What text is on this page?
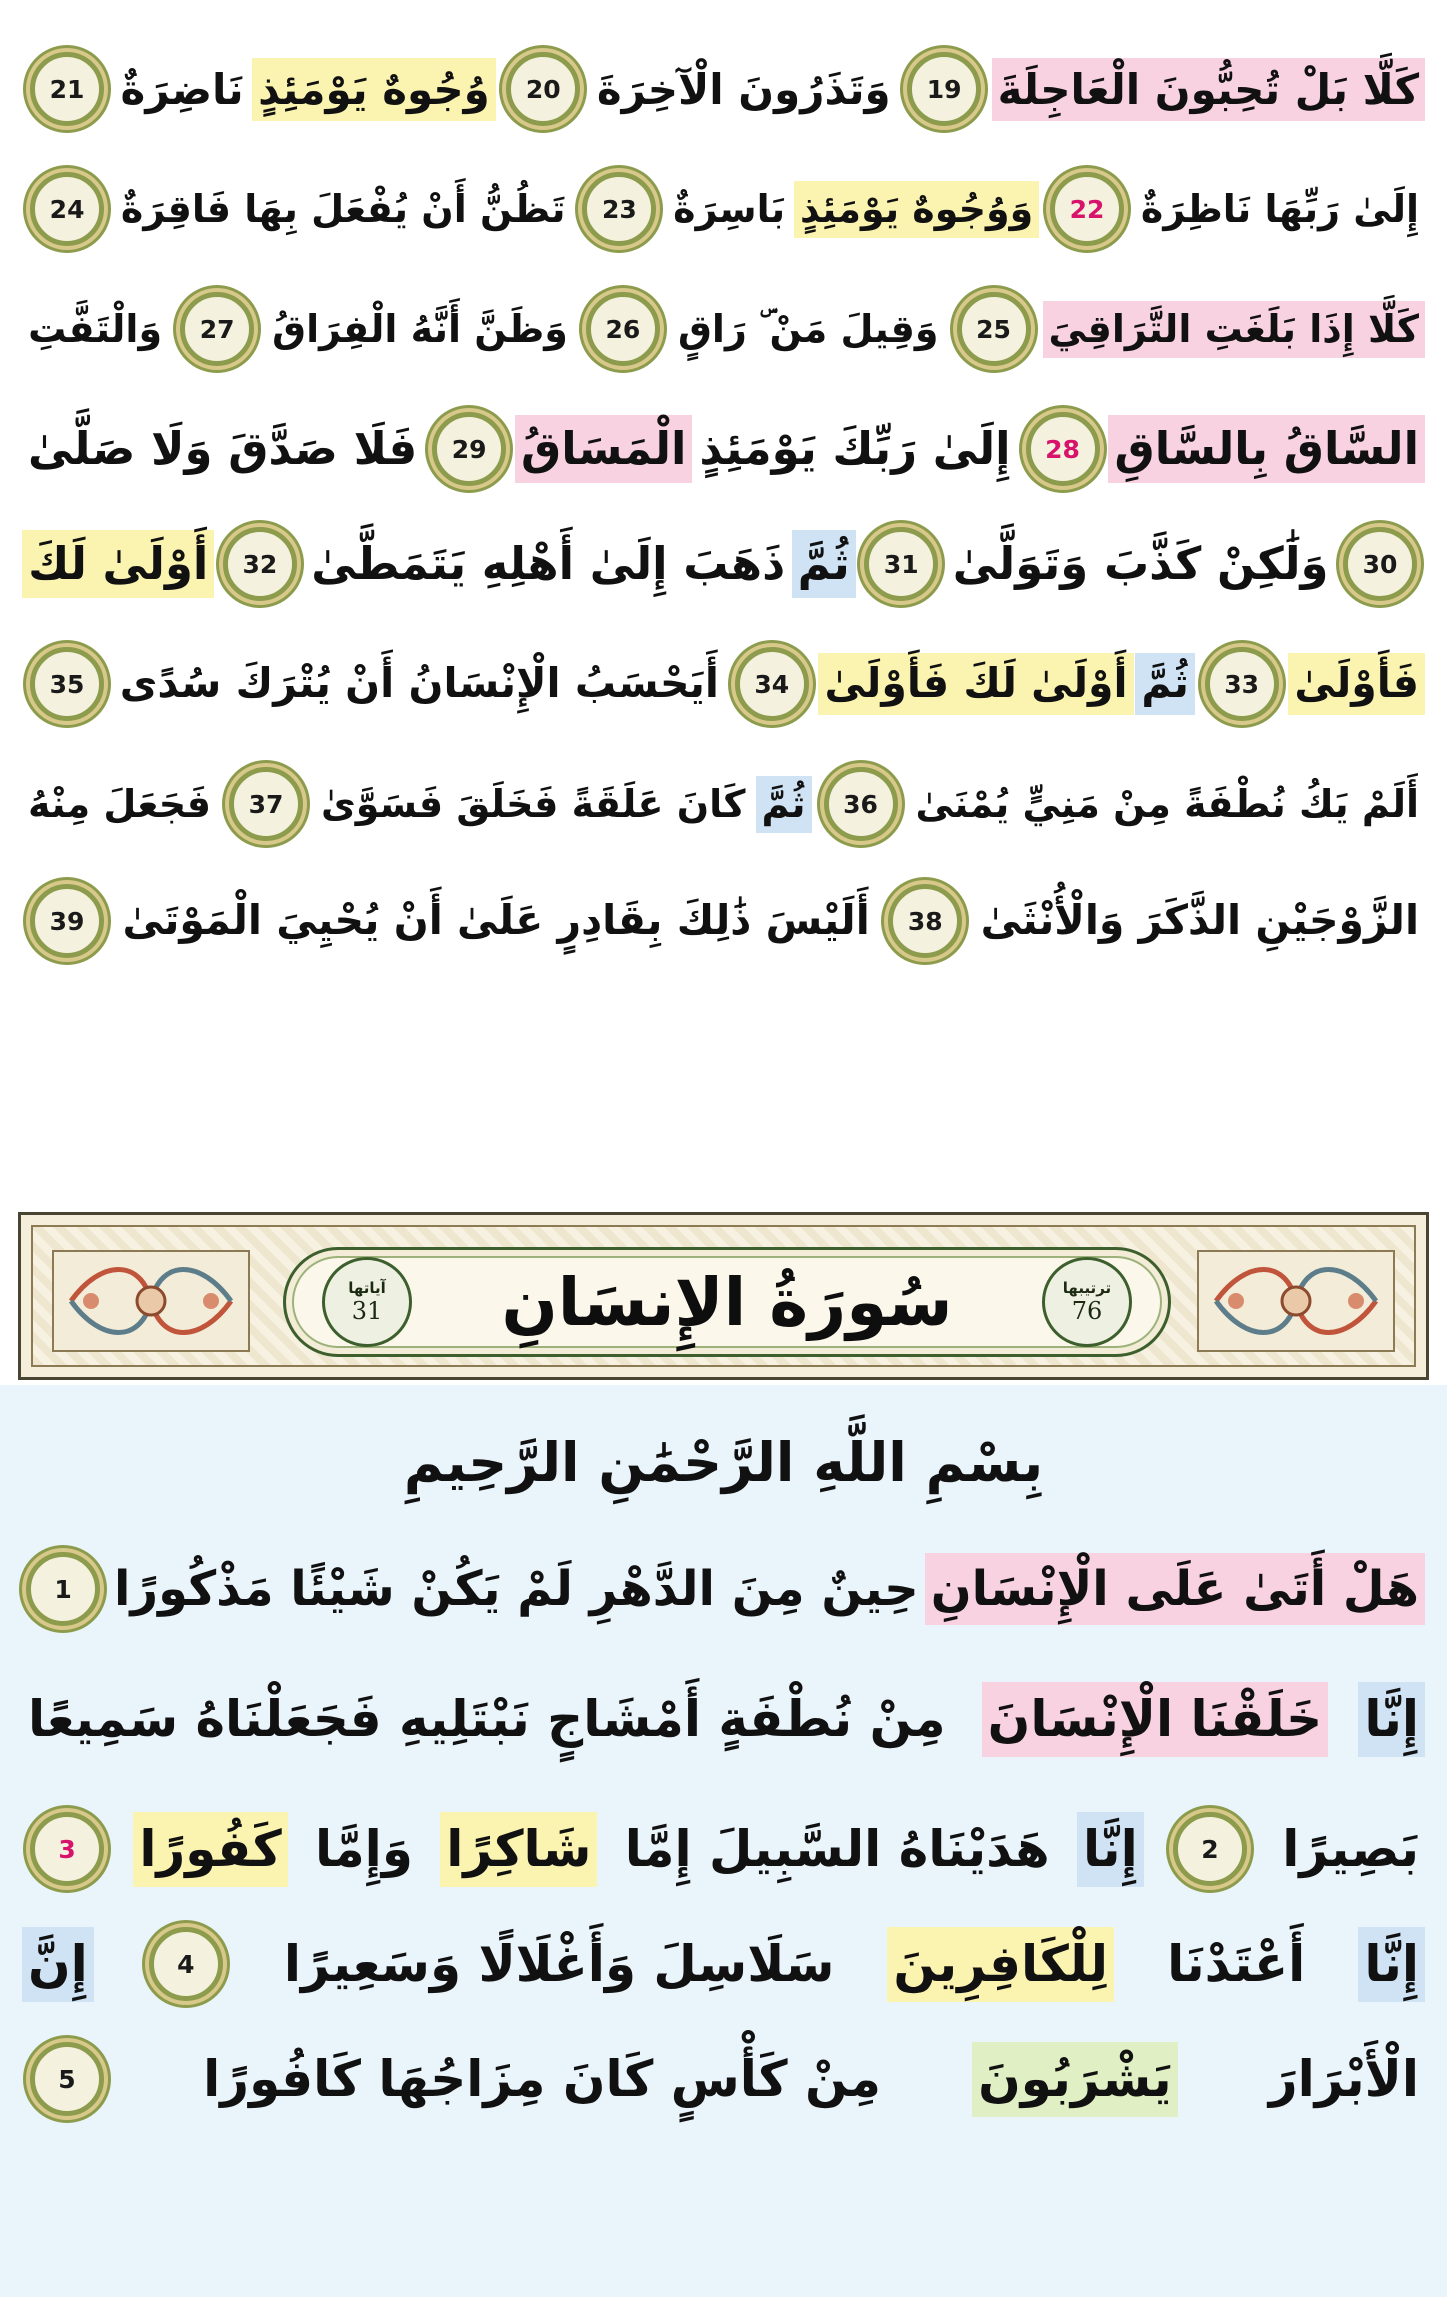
آياتها
31 سُورَةُ الإِنسَانِ	ترتيبها
76
بِسْمِ اللَّهِ الرَّحْمَٰنِ الرَّحِيمِ
كَلَّا بَلْ تُحِبُّونَ الْعَاجِلَةَ
19
وَتَذَرُونَ الْآخِرَةَ
20
وُجُوهٌ يَوْمَئِذٍ
نَاضِرَةٌ
21
إِلَىٰ رَبِّهَا نَاظِرَةٌ
22
وَوُجُوهٌ يَوْمَئِذٍ
بَاسِرَةٌ
23
تَظُنُّ أَنْ يُفْعَلَ بِهَا فَاقِرَةٌ
24
كَلَّا إِذَا بَلَغَتِ التَّرَاقِيَ
25
وَقِيلَ مَنْ ۜ رَاقٍ
26
وَظَنَّ أَنَّهُ الْفِرَاقُ
27
وَالْتَفَّتِ
السَّاقُ بِالسَّاقِ
28
إِلَىٰ رَبِّكَ يَوْمَئِذٍ
الْمَسَاقُ
29
فَلَا صَدَّقَ وَلَا صَلَّىٰ
30
وَلَٰكِنْ كَذَّبَ وَتَوَلَّىٰ
31
ثُمَّ
ذَهَبَ إِلَىٰ أَهْلِهِ يَتَمَطَّىٰ
32
أَوْلَىٰ لَكَ
فَأَوْلَىٰ
33
ثُمَّ
أَوْلَىٰ لَكَ فَأَوْلَىٰ
34
أَيَحْسَبُ الْإِنْسَانُ أَنْ يُتْرَكَ سُدًى
35
أَلَمْ يَكُ نُطْفَةً مِنْ مَنِيٍّ يُمْنَىٰ
36
ثُمَّ
كَانَ عَلَقَةً فَخَلَقَ فَسَوَّىٰ
37
فَجَعَلَ مِنْهُ
الزَّوْجَيْنِ الذَّكَرَ وَالْأُنْثَىٰ
38
أَلَيْسَ ذَٰلِكَ بِقَادِرٍ عَلَىٰ أَنْ يُحْيِيَ الْمَوْتَىٰ
39
هَلْ أَتَىٰ عَلَى الْإِنْسَانِ
حِينٌ مِنَ الدَّهْرِ لَمْ يَكُنْ شَيْئًا مَذْكُورًا
1
إِنَّا
خَلَقْنَا الْإِنْسَانَ
مِنْ نُطْفَةٍ أَمْشَاجٍ نَبْتَلِيهِ فَجَعَلْنَاهُ سَمِيعًا
بَصِيرًا
2
إِنَّا
هَدَيْنَاهُ السَّبِيلَ إِمَّا
شَاكِرًا
وَإِمَّا
كَفُورًا
3
إِنَّا
أَعْتَدْنَا
لِلْكَافِرِينَ
سَلَاسِلَ وَأَغْلَالًا وَسَعِيرًا
4
إِنَّ
الْأَبْرَارَ
يَشْرَبُونَ
مِنْ كَأْسٍ كَانَ مِزَاجُهَا كَافُورًا
5
